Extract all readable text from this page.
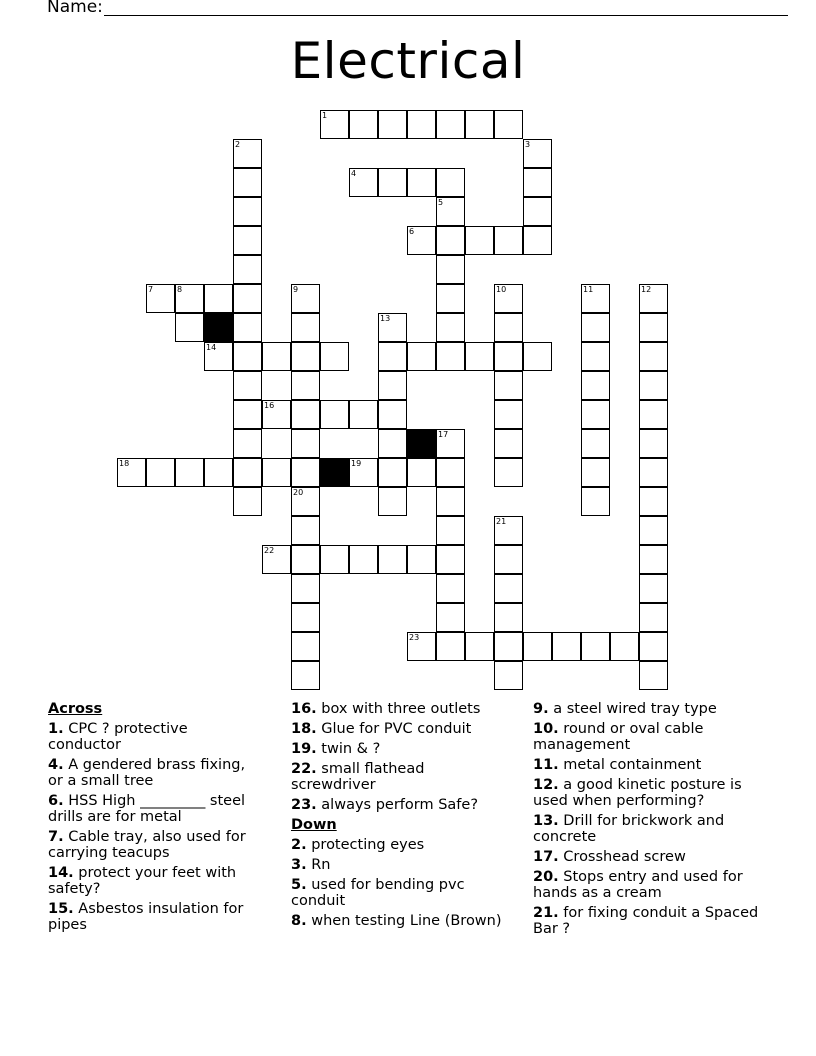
Name:
Electrical
1
2	3
4
5
6
7	8	9	10	11	12
13
14
16
17
18	19
20
21
22
23
Across
1. CPC ? protective conductor
4. A gendered brass fixing, or a small tree
6. HSS High _________ steel drills are for metal
7. Cable tray, also used for carrying teacups
14. protect your feet with safety?
15. Asbestos insulation for pipes
16. box with three outlets
18. Glue for PVC conduit
19. twin & ?
22. small flathead screwdriver
23. always perform Safe?
Down
2. protecting eyes
3. Rn
5. used for bending pvc conduit
8. when testing Line (Brown)
9. a steel wired tray type
10. round or oval cable management
11. metal containment
12. a good kinetic posture is used when performing?
13. Drill for brickwork and concrete
17. Crosshead screw
20. Stops entry and used for hands as a cream
21. for fixing conduit a Spaced Bar ?
